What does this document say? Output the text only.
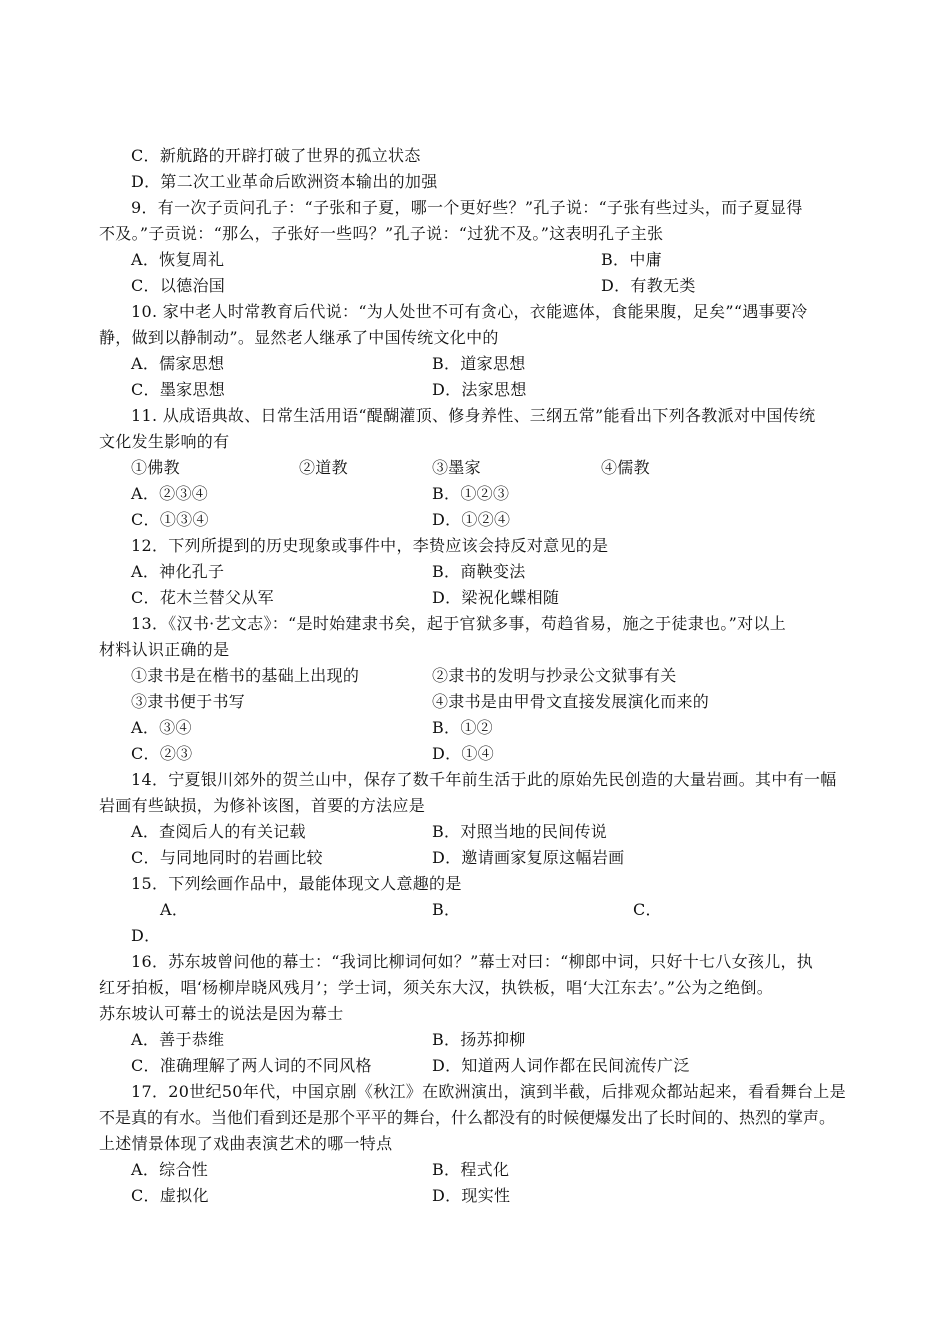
C．新航路的开辟打破了世界的孤立状态
D．第二次工业革命后欧洲资本输出的加强
9．有一次子贡问孔子：“子张和子夏，哪一个更好些？”孔子说：“子张有些过头，而子夏显得
不及。”子贡说：“那么，子张好一些吗？”孔子说：“过犹不及。”这表明孔子主张
A．恢复周礼	B．中庸
C．以德治国	D．有教无类
10. 家中老人时常教育后代说：“为人处世不可有贪心，衣能遮体，食能果腹，足矣”“遇事要冷
静，做到以静制动”。显然老人继承了中国传统文化中的
A．儒家思想	B．道家思想
C．墨家思想	D．法家思想
11. 从成语典故、日常生活用语“醍醐灌顶、修身养性、三纲五常”能看出下列各教派对中国传统
文化发生影响的有
①佛教	②道教	③墨家	④儒教
A．②③④	B．①②③
C．①③④	D．①②④
12．下列所提到的历史现象或事件中，李贽应该会持反对意见的是
A．神化孔子	B．商鞅变法
C．花木兰替父从军	D．梁祝化蝶相随
13．《汉书·艺文志》：“是时始建隶书矣，起于官狱多事，苟趋省易，施之于徒隶也。”对以上
材料认识正确的是
①隶书是在楷书的基础上出现的	②隶书的发明与抄录公文狱事有关
③隶书便于书写	④隶书是由甲骨文直接发展演化而来的
A．③④	B．①②
C．②③	D．①④
14．宁夏银川郊外的贺兰山中，保存了数千年前生活于此的原始先民创造的大量岩画。其中有一幅
岩画有些缺损，为修补该图，首要的方法应是
A．查阅后人的有关记载	B．对照当地的民间传说
C．与同地同时的岩画比较	D．邀请画家复原这幅岩画
15．下列绘画作品中，最能体现文人意趣的是
A．	B．	C．
D．
16．苏东坡曾问他的幕士：“我词比柳词何如？”幕士对曰：“柳郎中词，只好十七八女孩儿，执
红牙拍板，唱‘杨柳岸晓风残月’；学士词，须关东大汉，执铁板，唱‘大江东去’。”公为之绝倒。
苏东坡认可幕士的说法是因为幕士
A．善于恭维	B．扬苏抑柳
C．准确理解了两人词的不同风格	D．知道两人词作都在民间流传广泛
17．20世纪50年代，中国京剧《秋江》在欧洲演出，演到半截，后排观众都站起来，看看舞台上是
不是真的有水。当他们看到还是那个平平的舞台，什么都没有的时候便爆发出了长时间的、热烈的掌声。
上述情景体现了戏曲表演艺术的哪一特点
A．综合性	B．程式化
C．虚拟化	D．现实性
